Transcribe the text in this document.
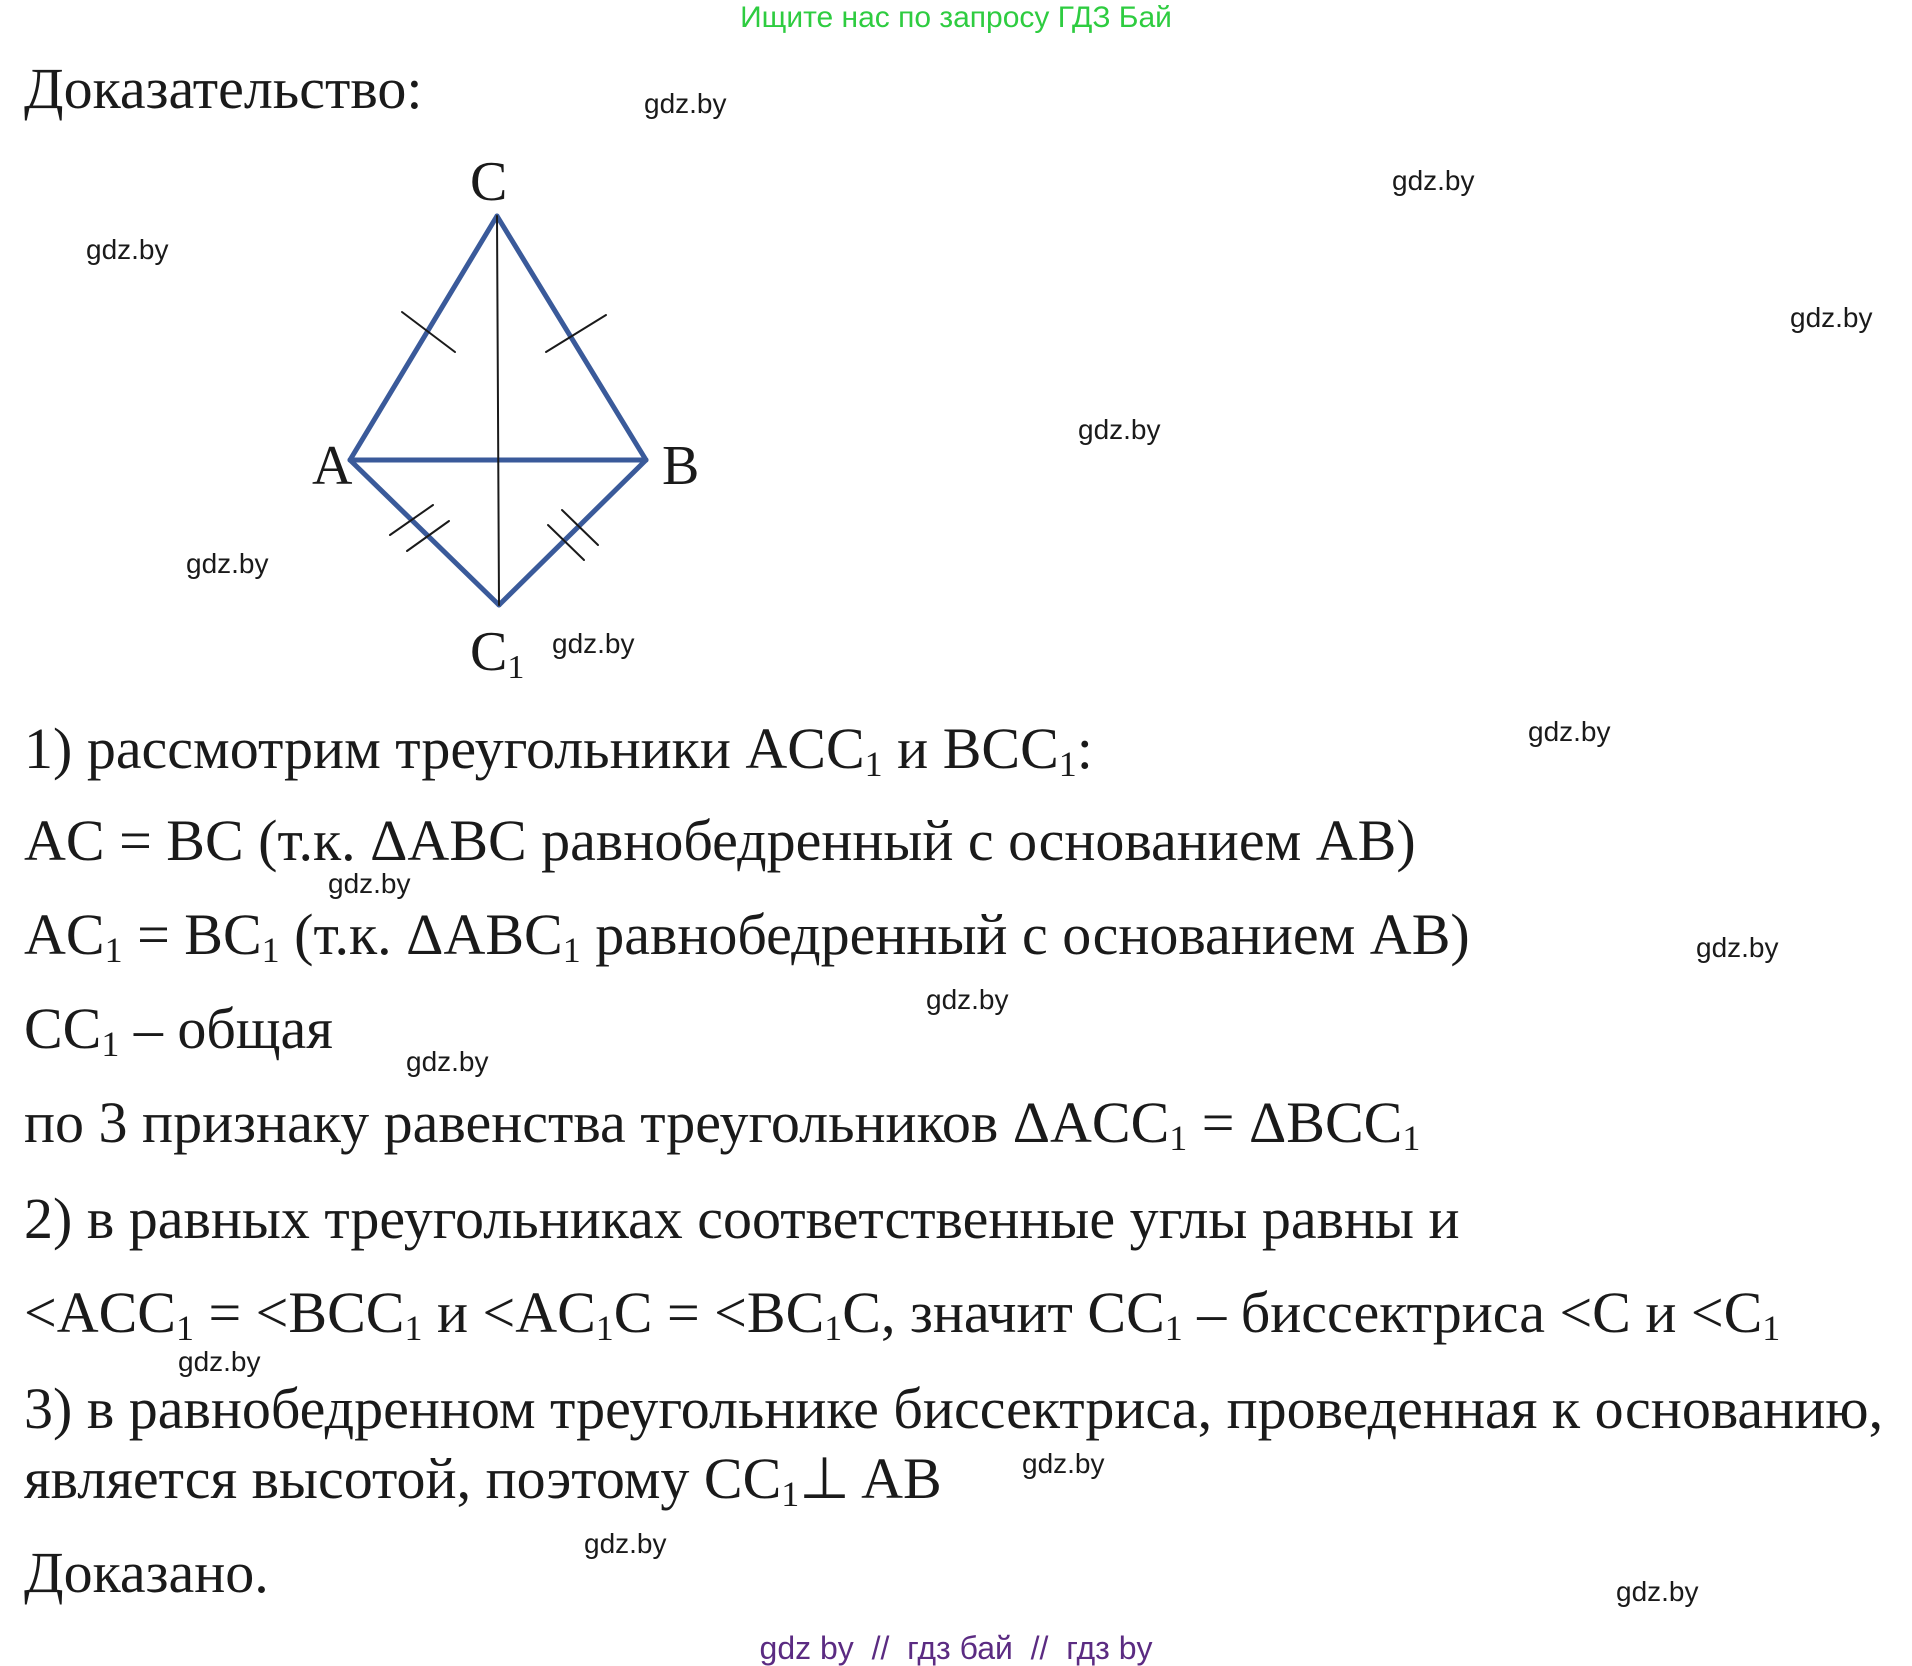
Ищите нас по запросу ГДЗ Бай
Доказательство:
C
A	B
C1
1) рассмотрим треугольники $ACC_1$ и $BCC_1$:
AC = BC (т.к. ΔABC равнобедренный с основанием AB)
$AC_1 = BC_1$ (т.к. $\Delta ABC_1$ равнобедренный с основанием AB)
$CC_1$ – общая
по 3 признаку равенства треугольников $\Delta ACC_1 = \Delta BCC_1$
2) в равных треугольниках соответственные углы равны и
$<ACC_1 = <BCC_1$ $и <AC_1C = <BC_1C$, значит $CC_1$ – биссектриса <C $и <C_1$
3) в равнобедренном треугольнике биссектриса, проведенная к основанию,
является высотой, поэтому $CC_1\perp$ AB
Доказано.
gdz.by
gdz.by
gdz.by
gdz.by
gdz.by
gdz.by
gdz.by
gdz.by
gdz.by
gdz.by
gdz.by
gdz.by
gdz.by
gdz.by
gdz.by
gdz.by
gdz by  //  гдз бай  //  гдз by
